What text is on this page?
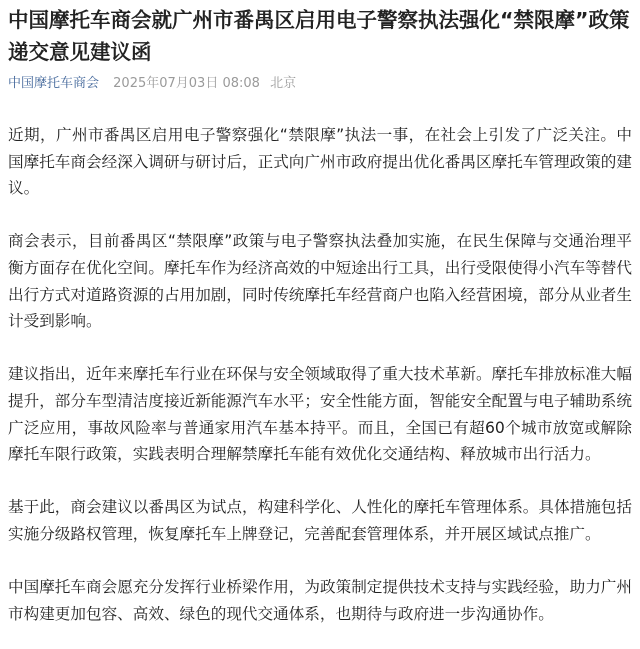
中国摩托车商会就广州市番禺区启用电子警察执法强化“禁限摩”政策递交意见建议函
中国摩托车商会 2025年07月03日 08:08 北京

近期，广州市番禺区启用电子警察强化“禁限摩”执法一事，在社会上引发了广泛关注。中国摩托车商会经深入调研与研讨后，正式向广州市政府提出优化番禺区摩托车管理政策的建议。

商会表示，目前番禺区“禁限摩”政策与电子警察执法叠加实施，在民生保障与交通治理平衡方面存在优化空间。摩托车作为经济高效的中短途出行工具，出行受限使得小汽车等替代出行方式对道路资源的占用加剧，同时传统摩托车经营商户也陷入经营困境，部分从业者生计受到影响。

建议指出，近年来摩托车行业在环保与安全领域取得了重大技术革新。摩托车排放标准大幅提升，部分车型清洁度接近新能源汽车水平；安全性能方面，智能安全配置与电子辅助系统广泛应用，事故风险率与普通家用汽车基本持平。而且，全国已有超60个城市放宽或解除摩托车限行政策，实践表明合理解禁摩托车能有效优化交通结构、释放城市出行活力。

基于此，商会建议以番禺区为试点，构建科学化、人性化的摩托车管理体系。具体措施包括实施分级路权管理，恢复摩托车上牌登记，完善配套管理体系，并开展区域试点推广。

中国摩托车商会愿充分发挥行业桥梁作用，为政策制定提供技术支持与实践经验，助力广州市构建更加包容、高效、绿色的现代交通体系，也期待与政府进一步沟通协作。
